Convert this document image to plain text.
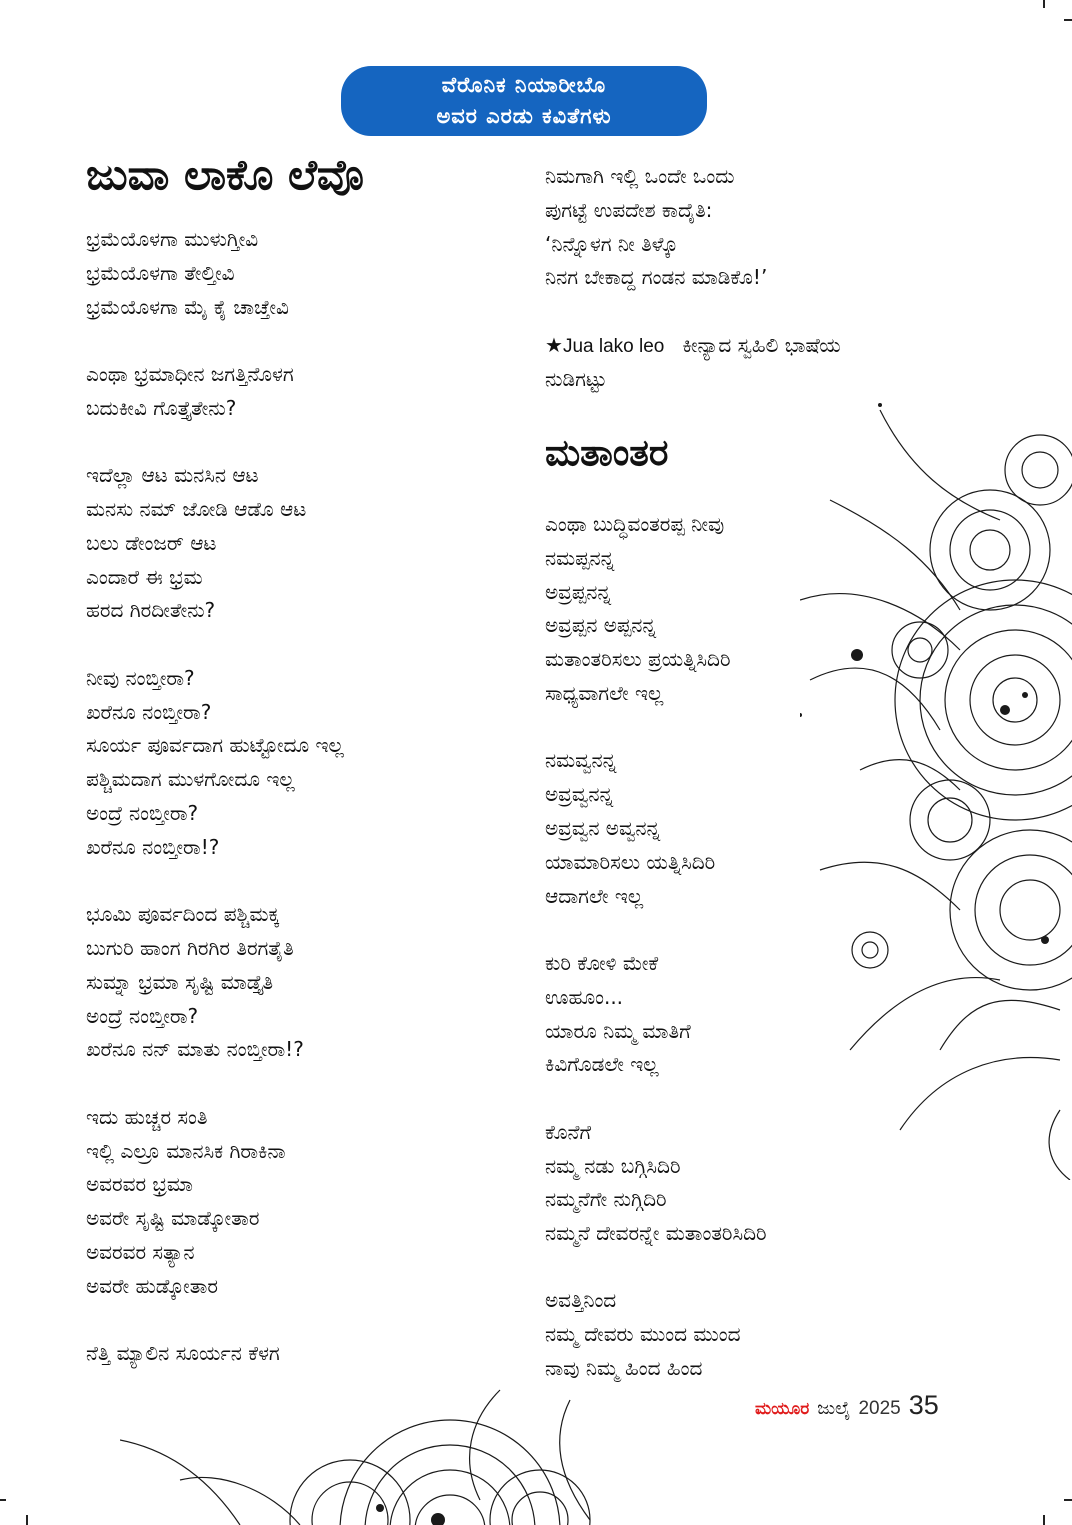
ವೆರೊನಿಕ ನಿಯಾರೀಬೊ
ಅವರ ಎರಡು ಕವಿತೆಗಳು
ಜುವಾ ಲಾಕೊ ಲೆವೊ
ಭ್ರಮೆಯೊಳಗಾ ಮುಳುಗ್ತೀವಿ
ಭ್ರಮೆಯೊಳಗಾ ತೇಲ್ತೀವಿ
ಭ್ರಮೆಯೊಳಗಾ ಮೈ ಕೈ ಚಾಚ್ತೇವಿ
ಎಂಥಾ ಭ್ರಮಾಧೀನ ಜಗತ್ತಿನೊಳಗ
ಬದುಕೀವಿ ಗೊತ್ತೈತೇನು?
ಇದೆಲ್ಲಾ ಆಟ ಮನಸಿನ ಆಟ
ಮನಸು ನಮ್ ಜೋಡಿ ಆಡೊ ಆಟ
ಬಲು ಡೇಂಜರ್ ಆಟ
ಎಂದಾರೆ ಈ ಭ್ರಮ
ಹರದ ಗಿರದೀತೇನು?
ನೀವು ನಂಬ್ತೀರಾ?
ಖರೆನೂ ನಂಬ್ತೀರಾ?
ಸೂರ್ಯ ಪೂರ್ವದಾಗ ಹುಟ್ಟೋದೂ ಇಲ್ಲ
ಪಶ್ಚಿಮದಾಗ ಮುಳಗೋದೂ ಇಲ್ಲ
ಅಂದ್ರೆ ನಂಬ್ತೀರಾ?
ಖರೆನೂ ನಂಬ್ತೀರಾ!?
ಭೂಮಿ ಪೂರ್ವದಿಂದ ಪಶ್ಚಿಮಕ್ಕ
ಬುಗುರಿ ಹಾಂಗ ಗಿರಗಿರ ತಿರಗತೈತಿ
ಸುಮ್ನಾ ಭ್ರಮಾ ಸೃಷ್ಟಿ ಮಾಡ್ತೈತಿ
ಅಂದ್ರೆ ನಂಬ್ತೀರಾ?
ಖರೆನೂ ನನ್ ಮಾತು ನಂಬ್ತೀರಾ!?
ಇದು ಹುಚ್ಚರ ಸಂತಿ
ಇಲ್ಲಿ ಎಲ್ರೂ ಮಾನಸಿಕ ಗಿರಾಕಿನಾ
ಅವರವರ ಭ್ರಮಾ
ಅವರೇ ಸೃಷ್ಟಿ ಮಾಡ್ಕೋತಾರ
ಅವರವರ ಸತ್ಯಾನ
ಅವರೇ ಹುಡ್ಕೋತಾರ
ನೆತ್ತಿ ಮ್ಯಾಲಿನ ಸೂರ್ಯನ ಕೆಳಗ
ನಿಮಗಾಗಿ ಇಲ್ಲಿ ಒಂದೇ ಒಂದು
ಪುಗಟ್ಟೆ ಉಪದೇಶ ಕಾದೈತಿ:
‘ನಿನ್ನೊಳಗ ನೀ ತಿಳ್ಕೊ
ನಿನಗ ಬೇಕಾದ್ದ ಗಂಡನ ಮಾಡಿಕೊ!’
★Jua lako leo ಕೀನ್ಯಾದ ಸ್ವಹಿಲಿ ಭಾಷೆಯ
ನುಡಿಗಟ್ಟು
ಮತಾಂತರ
ಎಂಥಾ ಬುದ್ಧಿವಂತರಪ್ಪ ನೀವು
ನಮಪ್ಪನನ್ನ
ಅವ್ರಪ್ಪನನ್ನ
ಅವ್ರಪ್ಪನ ಅಪ್ಪನನ್ನ
ಮತಾಂತರಿಸಲು ಪ್ರಯತ್ನಿಸಿದಿರಿ
ಸಾಧ್ಯವಾಗಲೇ ಇಲ್ಲ
ನಮವ್ವನನ್ನ
ಅವ್ರವ್ವನನ್ನ
ಅವ್ರವ್ವನ ಅವ್ವನನ್ನ
ಯಾಮಾರಿಸಲು ಯತ್ನಿಸಿದಿರಿ
ಆದಾಗಲೇ ಇಲ್ಲ
ಕುರಿ ಕೋಳಿ ಮೇಕೆ
ಊಹೂಂ...
ಯಾರೂ ನಿಮ್ಮ ಮಾತಿಗೆ
ಕಿವಿಗೊಡಲೇ ಇಲ್ಲ
ಕೊನೆಗೆ
ನಮ್ಮ ನಡು ಬಗ್ಗಿಸಿದಿರಿ
ನಮ್ಮನೆಗೇ ನುಗ್ಗಿದಿರಿ
ನಮ್ಮನೆ ದೇವರನ್ನೇ ಮತಾಂತರಿಸಿದಿರಿ
ಅವತ್ತಿನಿಂದ
ನಮ್ಮ ದೇವರು ಮುಂದ ಮುಂದ
ನಾವು ನಿಮ್ಮ ಹಿಂದ ಹಿಂದ
ಮಯೂರ ಜುಲೈ 2025 35
